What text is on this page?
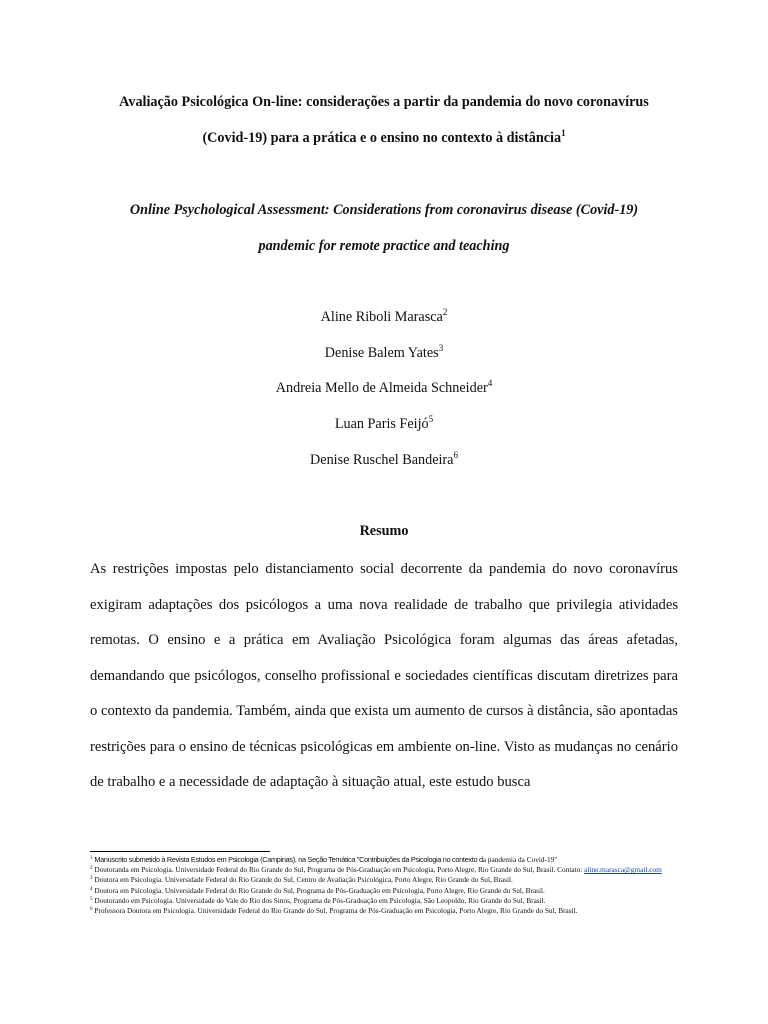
Avaliação Psicológica On-line: considerações a partir da pandemia do novo coronavírus
(Covid-19) para a prática e o ensino no contexto à distância$^1$
Online Psychological Assessment: Considerations from coronavirus disease (Covid-19)
pandemic for remote practice and teaching
Aline Riboli Marasca$^2$
Denise Balem Yates$^3$
Andreia Mello de Almeida Schneider$^4$
Luan Paris Feijó$^5$
Denise Ruschel Bandeira$^6$
Resumo

As restrições impostas pelo distanciamento social decorrente da pandemia do novo coronavírus exigiram adaptações dos psicólogos a uma nova realidade de trabalho que privilegia atividades remotas. O ensino e a prática em Avaliação Psicológica foram algumas das áreas afetadas, demandando que psicólogos, conselho profissional e sociedades científicas discutam diretrizes para o contexto da pandemia. Também, ainda que exista um aumento de cursos à distância, são apontadas restrições para o ensino de técnicas psicológicas em ambiente on-line. Visto as mudanças no cenário de trabalho e a necessidade de adaptação à situação atual, este estudo busca

$^1$ Manuscrito submetido à Revista Estudos em Psicologia (Campinas), na Seção Temática "Contribuições da Psicologia no contexto da pandemia da Covid-19"
$^2$ Doutoranda em Psicologia. Universidade Federal do Rio Grande do Sul, Programa de Pós-Graduação em Psicologia, Porto Alegre, Rio Grande do Sul, Brasil. Contato: aline.marasca@gmail.com
$^3$ Doutora em Psicologia. Universidade Federal do Rio Grande do Sul, Centro de Avaliação Psicológica, Porto Alegre, Rio Grande do Sul, Brasil.
$^4$ Doutora em Psicologia. Universidade Federal do Rio Grande do Sul, Programa de Pós-Graduação em Psicologia, Porto Alegre, Rio Grande do Sul, Brasil.
$^5$ Doutorando em Psicologia. Universidade do Vale do Rio dos Sinos, Programa de Pós-Graduação em Psicologia, São Leopoldo, Rio Grande do Sul, Brasil.
$^6$ Professora Doutora em Psicologia. Universidade Federal do Rio Grande do Sul, Programa de Pós-Graduação em Psicologia, Porto Alegre, Rio Grande do Sul, Brasil.
